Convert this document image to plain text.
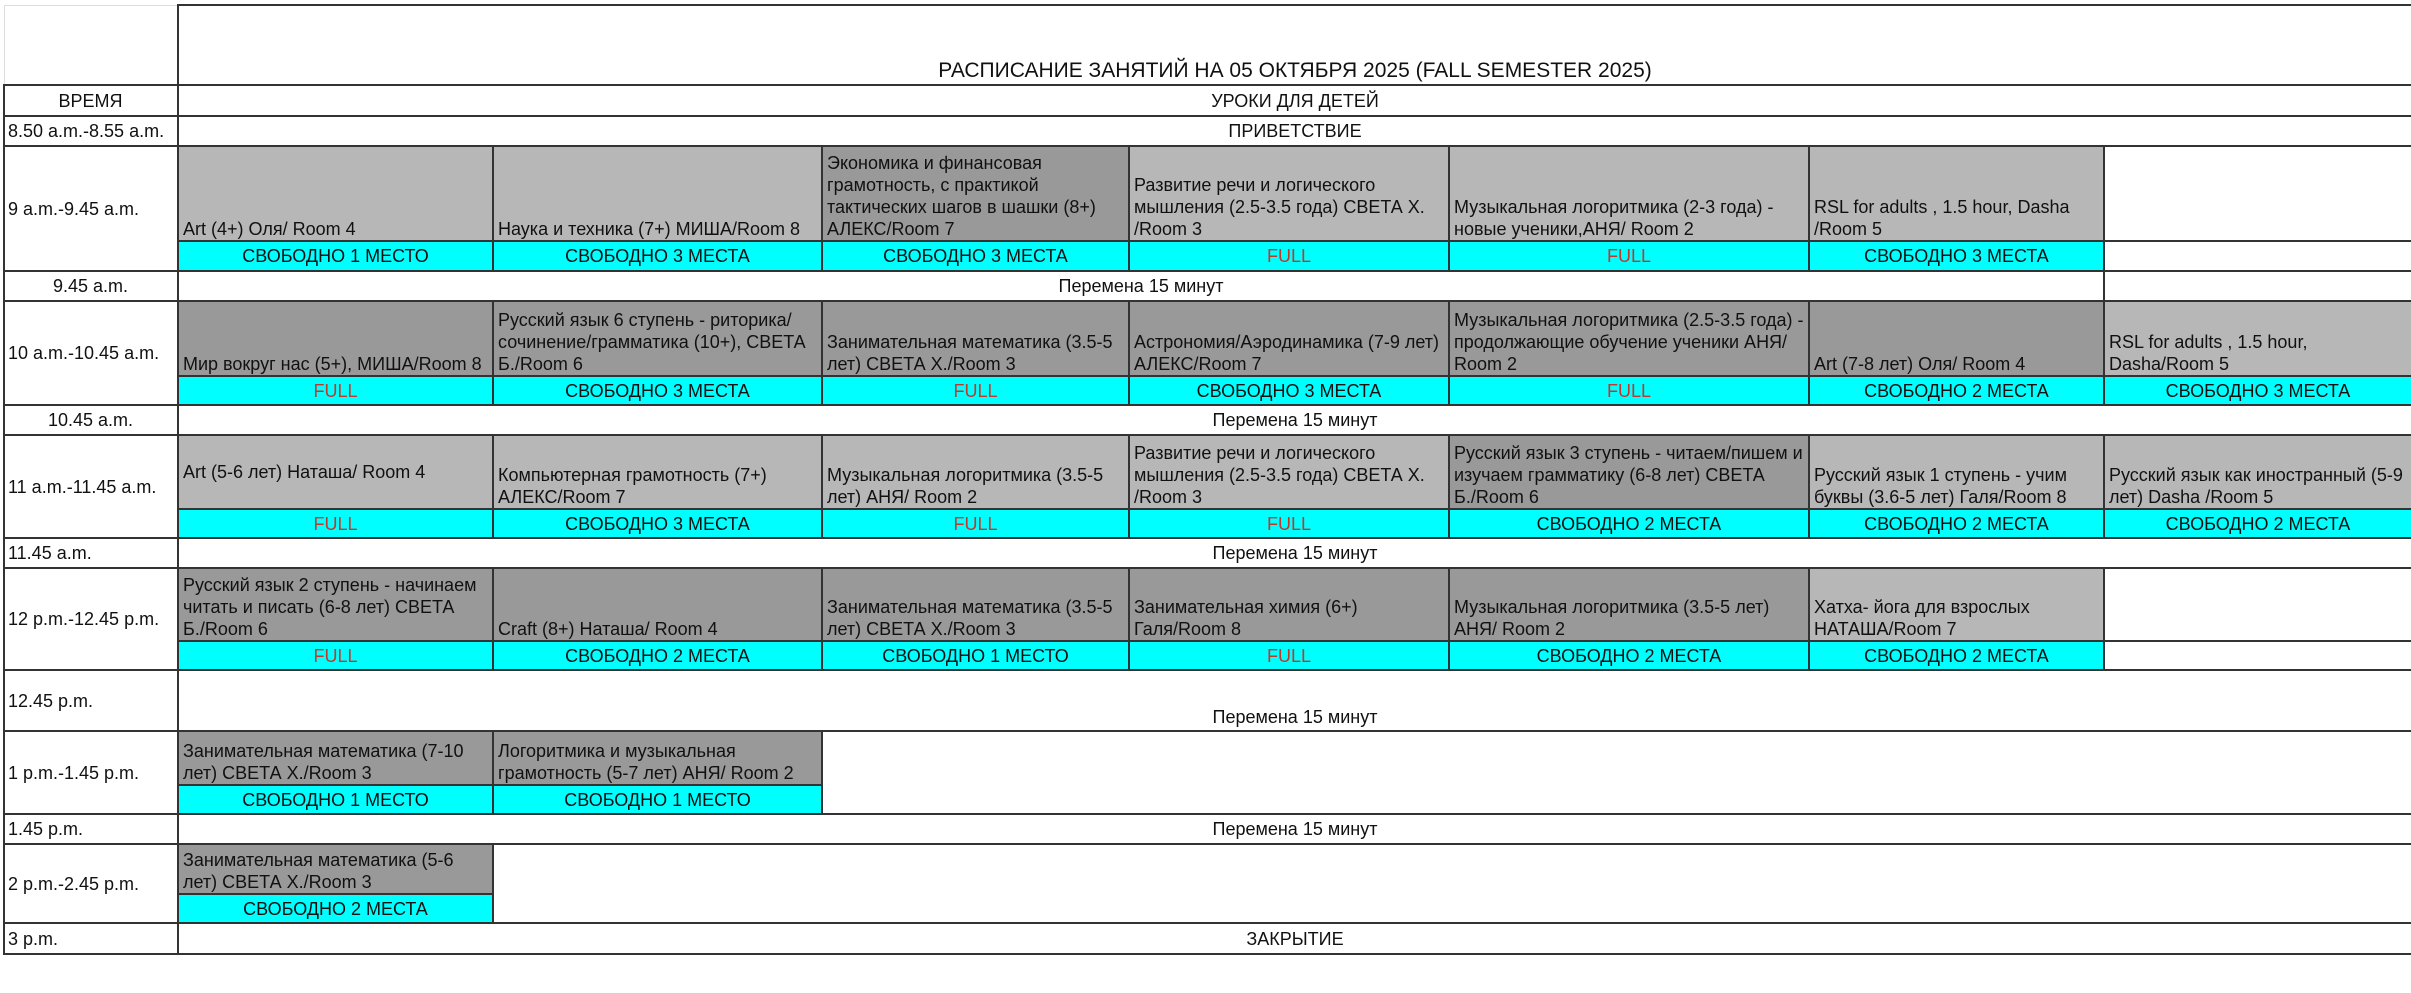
	РАСПИСАНИЕ ЗАНЯТИЙ НА 05 ОКТЯБРЯ 2025 (FALL SEMESTER 2025)						
ВРЕМЯ	УРОКИ ДЛЯ ДЕТЕЙ						
8.50 a.m.-8.55 a.m.	ПРИВЕТСТВИЕ						
9 a.m.-9.45 a.m.	Art (4+) Оля/ Room 4	Наука и техника (7+) МИША/Room 8	Экономика и финансовая грамотность, с практикой тактических шагов в шашки (8+) АЛЕКС/Room 7	Развитие речи и логического мышления (2.5-3.5 года) СВЕТА Х. /Room 3	Музыкальная логоритмика (2-3 года) - новые ученики,АНЯ/ Room 2	RSL for adults , 1.5 hour, Dasha /Room 5	
	СВОБОДНО 1 МЕСТО	СВОБОДНО 3 МЕСТА	СВОБОДНО 3 МЕСТА	FULL	FULL	СВОБОДНО 3 МЕСТА	
9.45 a.m.	Перемена 15 минут						
10 a.m.-10.45 a.m.	Мир вокруг нас (5+), МИША/Room 8	Русский язык 6 ступень - риторика/сочинение/грамматика (10+), СВЕТА Б./Room 6	Занимательная математика (3.5-5 лет) СВЕТА Х./Room 3	Астрономия/Аэродинамика (7-9 лет) АЛЕКС/Room 7	Музыкальная логоритмика (2.5-3.5 года) - продолжающие обучение ученики АНЯ/ Room 2	Art (7-8 лет) Оля/ Room 4	RSL for adults , 1.5 hour, Dasha/Room 5
	FULL	СВОБОДНО 3 МЕСТА	FULL	СВОБОДНО 3 МЕСТА	FULL	СВОБОДНО 2 МЕСТА	СВОБОДНО 3 МЕСТА
10.45 a.m.	Перемена 15 минут						
11 a.m.-11.45 a.m.	Art (5-6 лет) Наташа/ Room 4	Компьютерная грамотность (7+) АЛЕКС/Room 7	Музыкальная логоритмика (3.5-5 лет) АНЯ/ Room 2	Развитие речи и логического мышления (2.5-3.5 года) СВЕТА Х. /Room 3	Русский язык 3 ступень - читаем/пишем и изучаем грамматику (6-8 лет) СВЕТА Б./Room 6	Русский язык 1 ступень - учим буквы (3.6-5 лет) Галя/Room 8	Русский язык как иностранный (5-9 лет) Dasha /Room 5
	FULL	СВОБОДНО 3 МЕСТА	FULL	FULL	СВОБОДНО 2 МЕСТА	СВОБОДНО 2 МЕСТА	СВОБОДНО 2 МЕСТА
11.45 a.m.	Перемена 15 минут						
12 p.m.-12.45 p.m.	Русский язык 2 ступень - начинаем читать и писать (6-8 лет) СВЕТА Б./Room 6	Craft (8+) Наташа/ Room 4	Занимательная математика (3.5-5 лет) СВЕТА Х./Room 3	Занимательная химия (6+) Галя/Room 8	Музыкальная логоритмика (3.5-5 лет) АНЯ/ Room 2	Хатха- йога для взрослых НАТАША/Room 7	
	FULL	СВОБОДНО 2 МЕСТА	СВОБОДНО 1 МЕСТО	FULL	СВОБОДНО 2 МЕСТА	СВОБОДНО 2 МЕСТА	
12.45 p.m.	Перемена 15 минут						
1 p.m.-1.45 p.m.	Занимательная математика (7-10 лет) СВЕТА Х./Room 3	Логоритмика и музыкальная грамотность (5-7 лет) АНЯ/ Room 2					
	СВОБОДНО 1 МЕСТО	СВОБОДНО 1 МЕСТО					
1.45 p.m.	Перемена 15 минут						
2 p.m.-2.45 p.m.	Занимательная математика (5-6 лет) СВЕТА Х./Room 3						
	СВОБОДНО 2 МЕСТА						
3 p.m.	ЗАКРЫТИЕ						
